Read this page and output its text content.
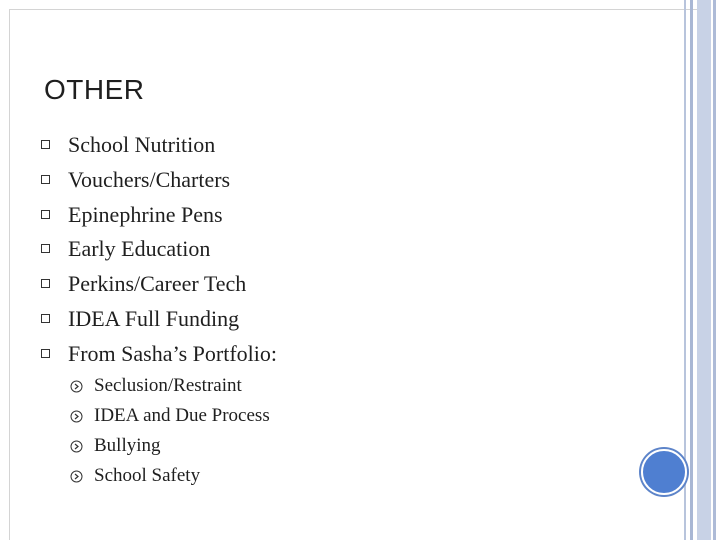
OTHER
School Nutrition
Vouchers/Charters
Epinephrine Pens
Early Education
Perkins/Career Tech
IDEA Full Funding
From Sasha’s Portfolio:
Seclusion/Restraint
IDEA and Due Process
Bullying
School Safety
